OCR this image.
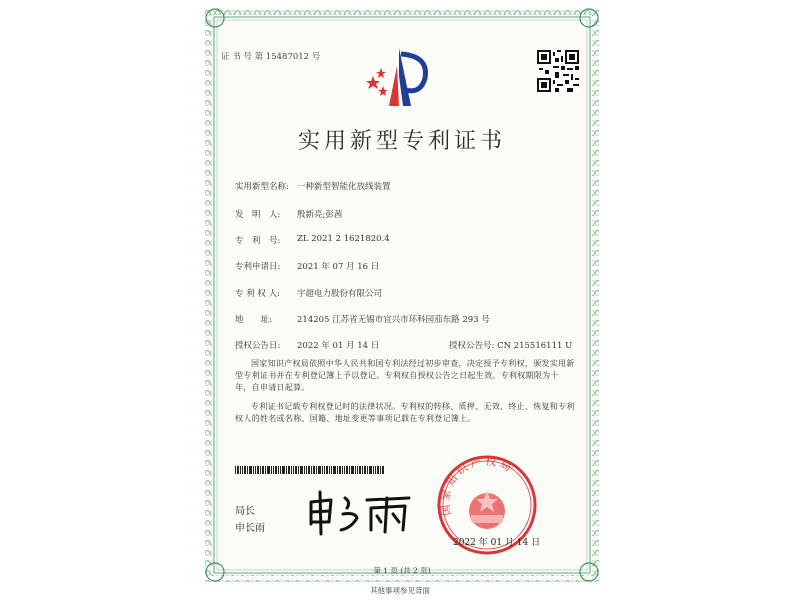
证 书 号 第 15487012 号
实用新型专利证书
实用新型名称: 一种新型智能化放线装置
发　明　人: 殷新亮;彭茜
专　利　号: ZL 2021 2 1621820.4
专利申请日: 2021 年 07 月 16 日
专 利 权 人: 宇超电力股份有限公司
地　　址:	214205 江苏省无锡市宜兴市环科园茄东路 293 号
授权公告日: 2022 年 01 月 14 日	授权公告号: CN 215516111 U
国家知识产权局依照中华人民共和国专利法经过初步审查，决定授予专利权，颁发实用新型专利证书并在专利登记簿上予以登记。专利权自授权公告之日起生效。专利权期限为十年，自申请日起算。
专利证书记载专利权登记时的法律状况。专利权的转移、质押、无效、终止、恢复和专利权人的姓名或名称、国籍、地址变更等事项记载在专利登记簿上。
局长
申长雨
国家知识产权局
2022 年 01 月 14 日
第 1 页 (共 2 页)
其他事项参见背面
